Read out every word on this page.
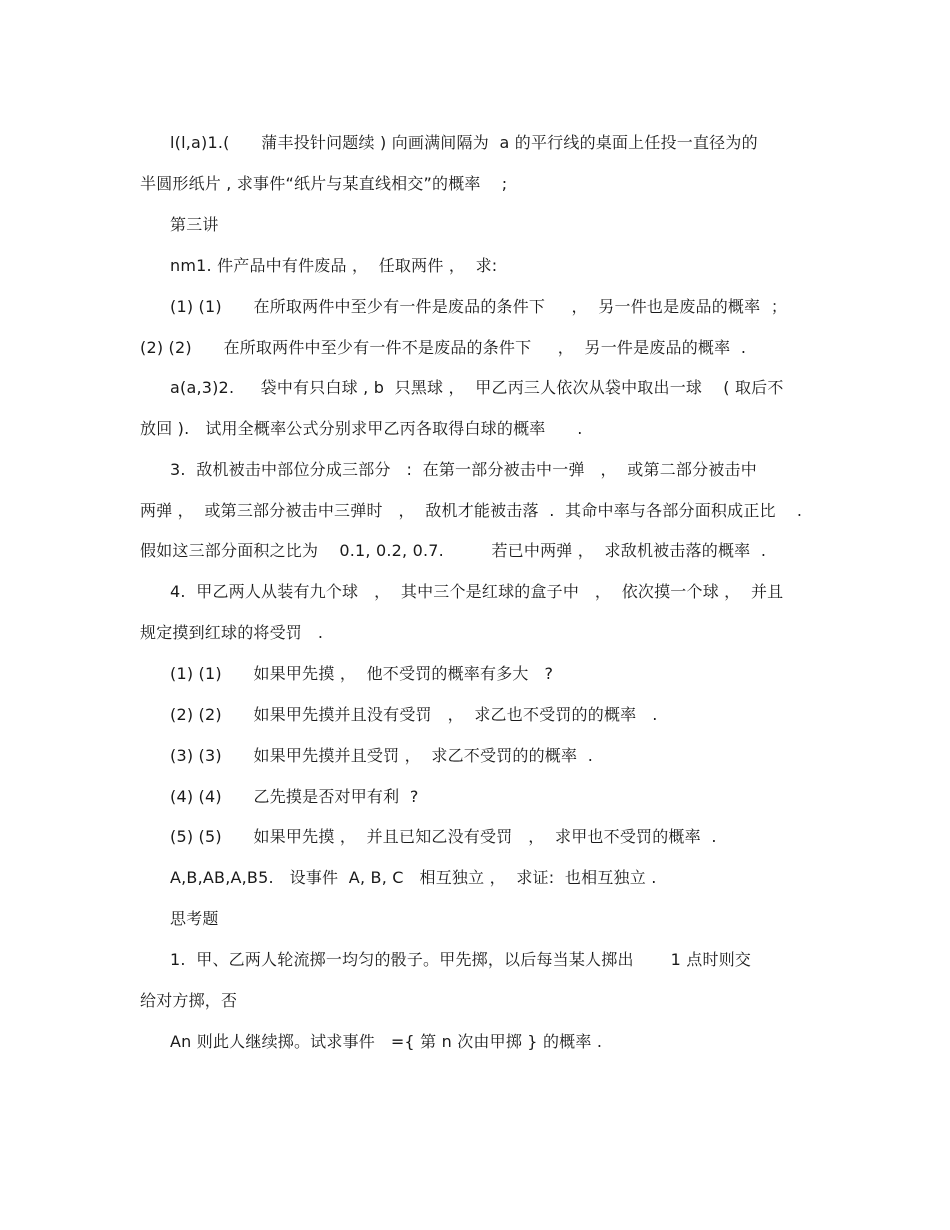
l(l,a)1.(      蒲丰投针问题续 ) 向画满间隔为  a 的平行线的桌面上任投一直径为的
半圆形纸片 , 求事件“纸片与某直线相交”的概率    ;
第三讲
nm1. 件产品中有件废品 ，  任取两件 ，  求:
(1) (1)      在所取两件中至少有一件是废品的条件下     ，  另一件也是废品的概率  ；
(2) (2)      在所取两件中至少有一件不是废品的条件下     ，  另一件是废品的概率  .
a(a,3)2.     袋中有只白球 , b  只黑球 ，  甲乙丙三人依次从袋中取出一球    ( 取后不
放回 ).   试用全概率公式分别求甲乙丙各取得白球的概率      .
3.  敌机被击中部位分成三部分   :  在第一部分被击中一弹   ，  或第二部分被击中
两弹 ，  或第三部分被击中三弹时   ，  敌机才能被击落  .  其命中率与各部分面积成正比    .
假如这三部分面积之比为    0.1, 0.2, 0.7.         若已中两弹 ，  求敌机被击落的概率  .
4.  甲乙两人从装有九个球   ，  其中三个是红球的盒子中   ，  依次摸一个球 ，  并且
规定摸到红球的将受罚   .
(1) (1)      如果甲先摸 ，  他不受罚的概率有多大   ?
(2) (2)      如果甲先摸并且没有受罚   ，  求乙也不受罚的的概率   .
(3) (3)      如果甲先摸并且受罚 ，  求乙不受罚的的概率  .
(4) (4)      乙先摸是否对甲有利  ?
(5) (5)      如果甲先摸 ，  并且已知乙没有受罚   ，  求甲也不受罚的概率  .
A,B,AB,A,B5.   设事件  A, B, C   相互独立 ，  求证:  也相互独立 .
思考题
1.  甲、乙两人轮流掷一均匀的骰子。甲先掷，以后每当某人掷出       1 点时则交
给对方掷，否
An 则此人继续掷。试求事件   ={ 第 n 次由甲掷 } 的概率 .
